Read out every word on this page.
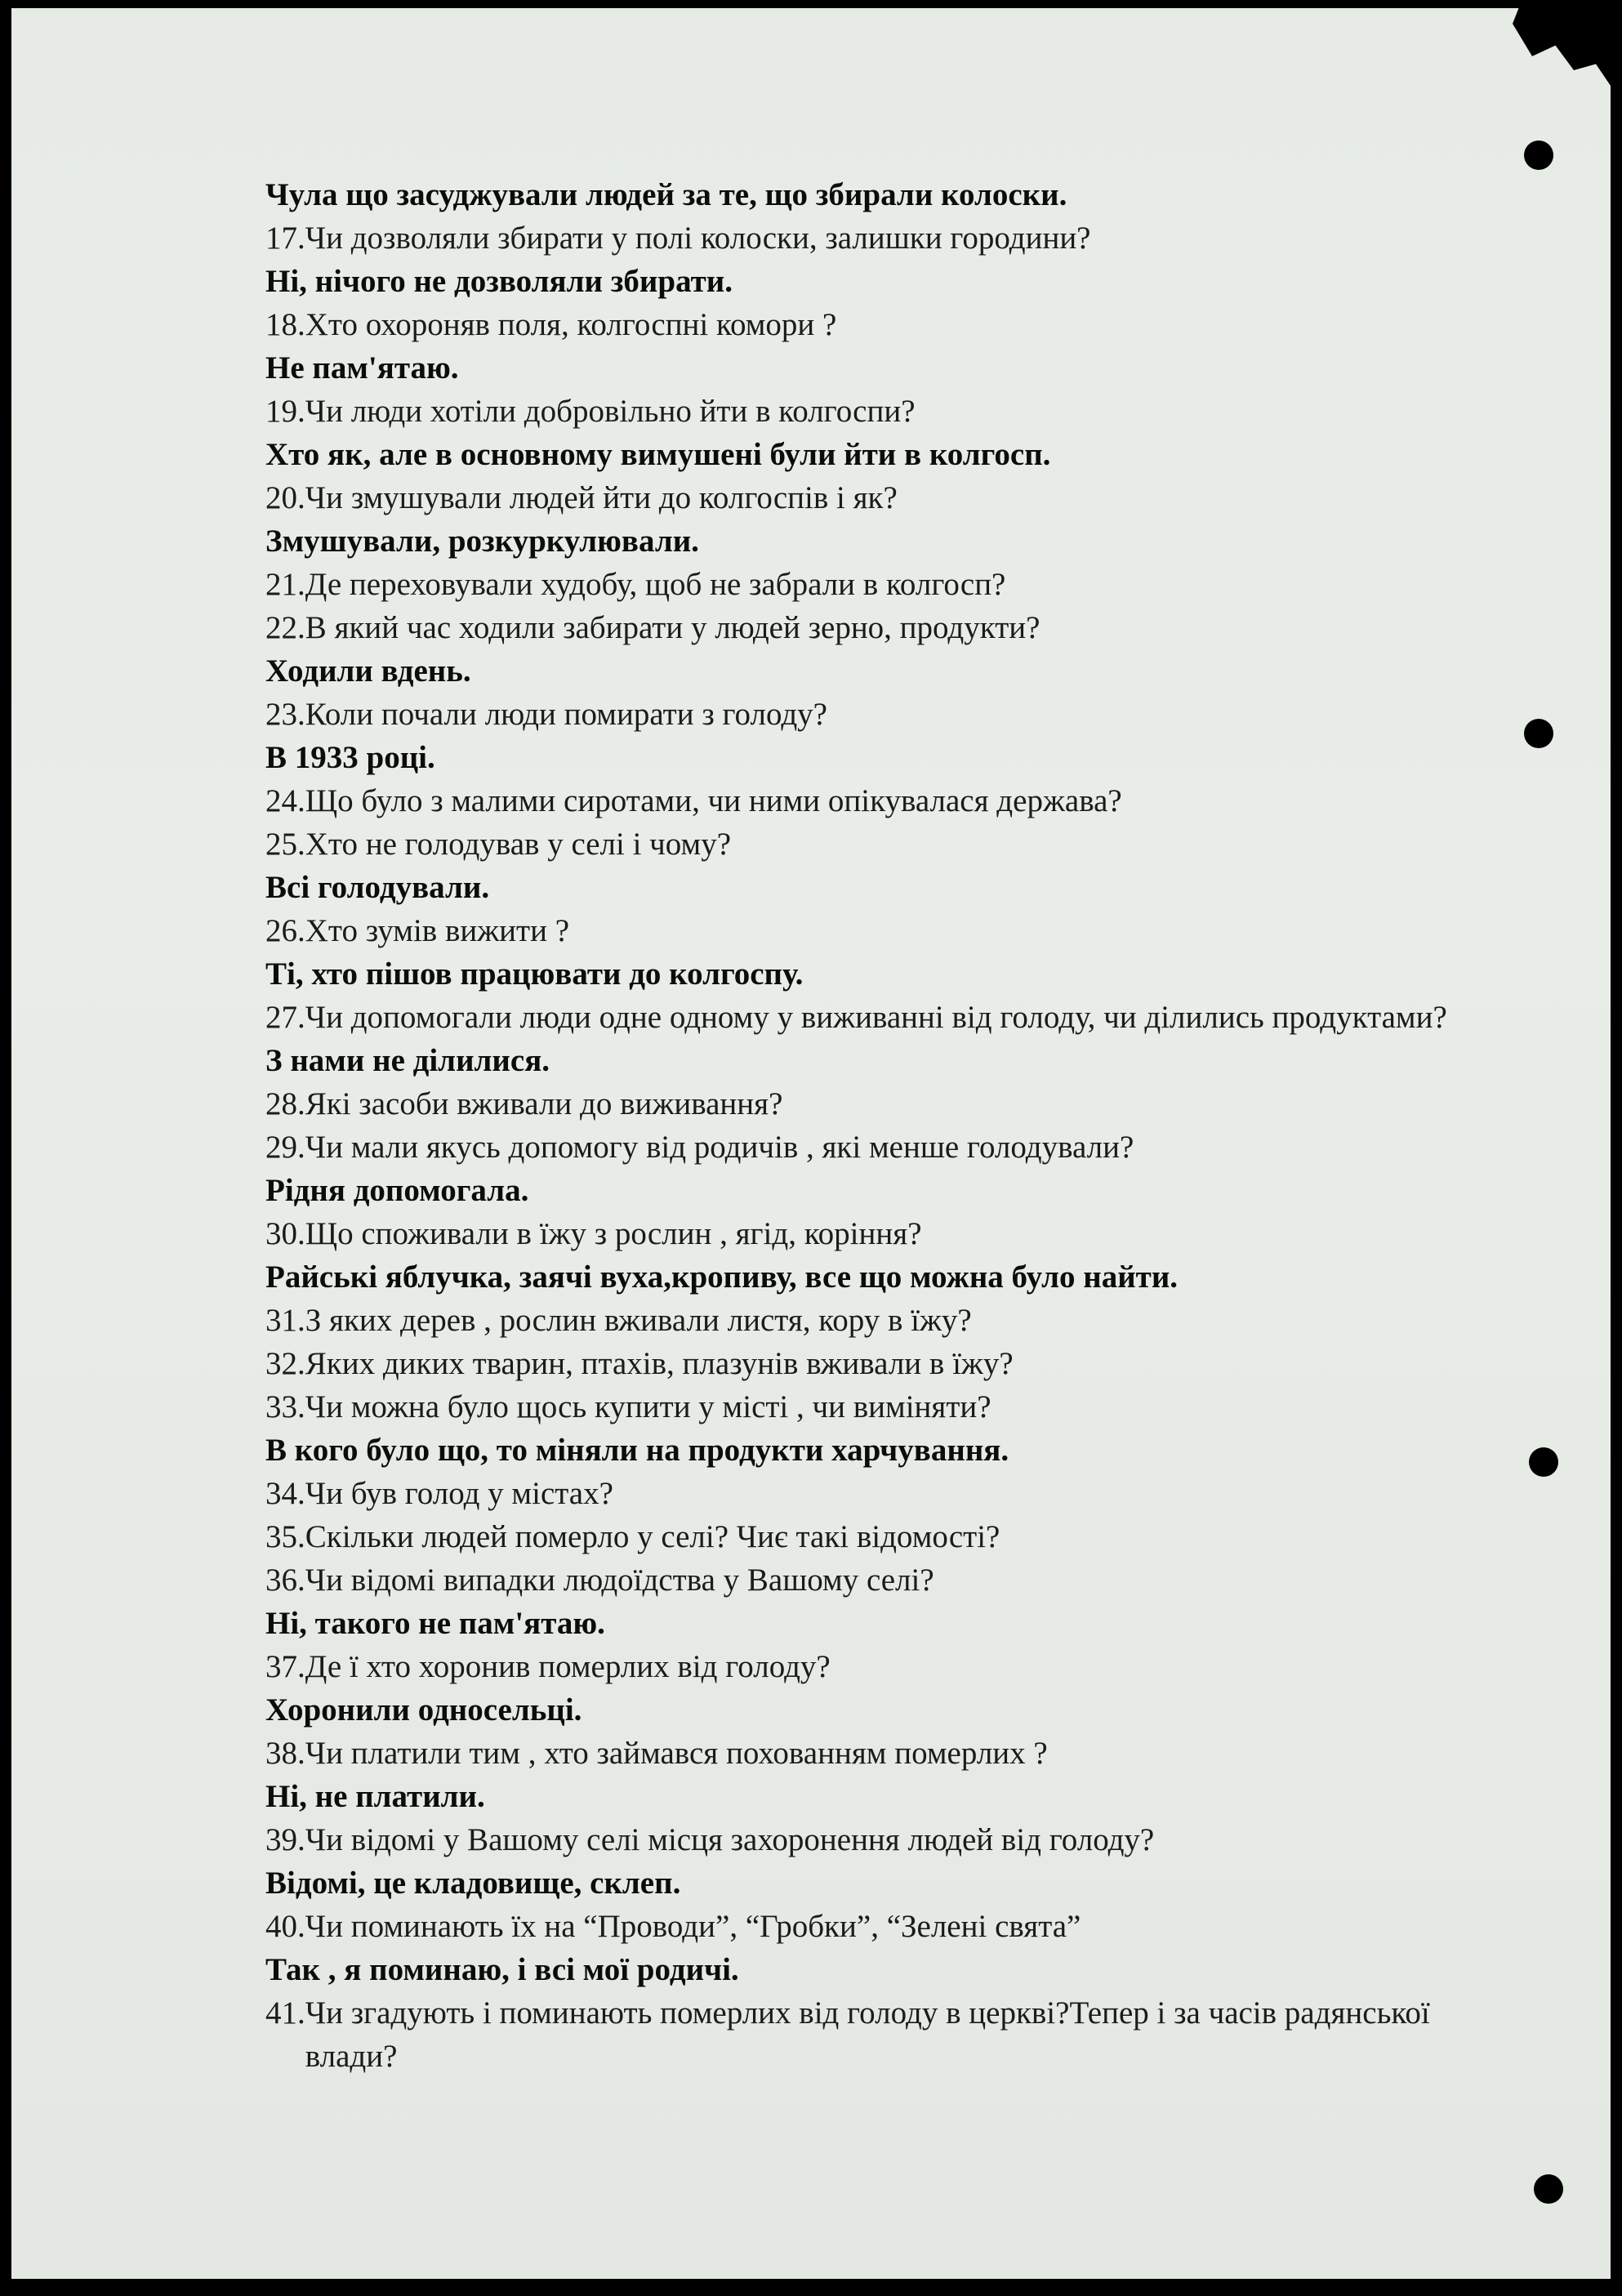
Чула що засуджували людей за те, що збирали колоски.
17. Чи дозволяли збирати у полі колоски, залишки городини?
Ні, нічого не дозволяли збирати.
18. Хто охороняв поля, колгоспні комори ?
Не пам'ятаю.
19. Чи люди хотіли добровільно йти в колгоспи?
Хто як, але в основному вимушені були йти в колгосп.
20. Чи змушували людей йти до колгоспів і як?
Змушували, розкуркулювали.
21. Де переховували худобу, щоб не забрали в колгосп?
22. В який час ходили забирати у людей зерно, продукти?
Ходили вдень.
23. Коли почали люди помирати з голоду?
В 1933 році.
24. Що було з малими сиротами, чи ними опікувалася держава?
25. Хто не голодував у селі і чому?
Всі голодували.
26. Хто зумів вижити ?
Ті, хто пішов працювати до колгоспу.
27. Чи допомогали люди одне одному у виживанні від голоду, чи ділились продуктами?
З нами не ділилися.
28. Які засоби вживали до виживання?
29. Чи мали якусь допомогу від родичів , які менше голодували?
Рідня допомогала.
30. Що споживали в їжу з рослин , ягід, коріння?
Райські яблучка, заячі вуха,кропиву, все що можна було найти.
31. З яких дерев , рослин вживали листя, кору в їжу?
32. Яких диких тварин, птахів, плазунів вживали в їжу?
33. Чи можна було щось купити у місті , чи виміняти?
В кого було що, то міняли на продукти харчування.
34. Чи був голод у містах?
35. Скільки людей померло у селі? Чиє такі відомості?
36. Чи відомі випадки людоїдства у Вашому селі?
Ні, такого не пам'ятаю.
37. Де ї хто хоронив померлих від голоду?
Хоронили односельці.
38. Чи платили тим , хто займався похованням померлих ?
Ні, не платили.
39. Чи відомі у Вашому селі місця захоронення людей від голоду?
Відомі, це кладовище, склеп.
40. Чи поминають їх на “Проводи”, “Гробки”, “Зелені свята”
Так , я поминаю, і всі мої родичі.
41. Чи згадують і поминають померлих від голоду в церкві?Тепер і за часів радянської влади?
